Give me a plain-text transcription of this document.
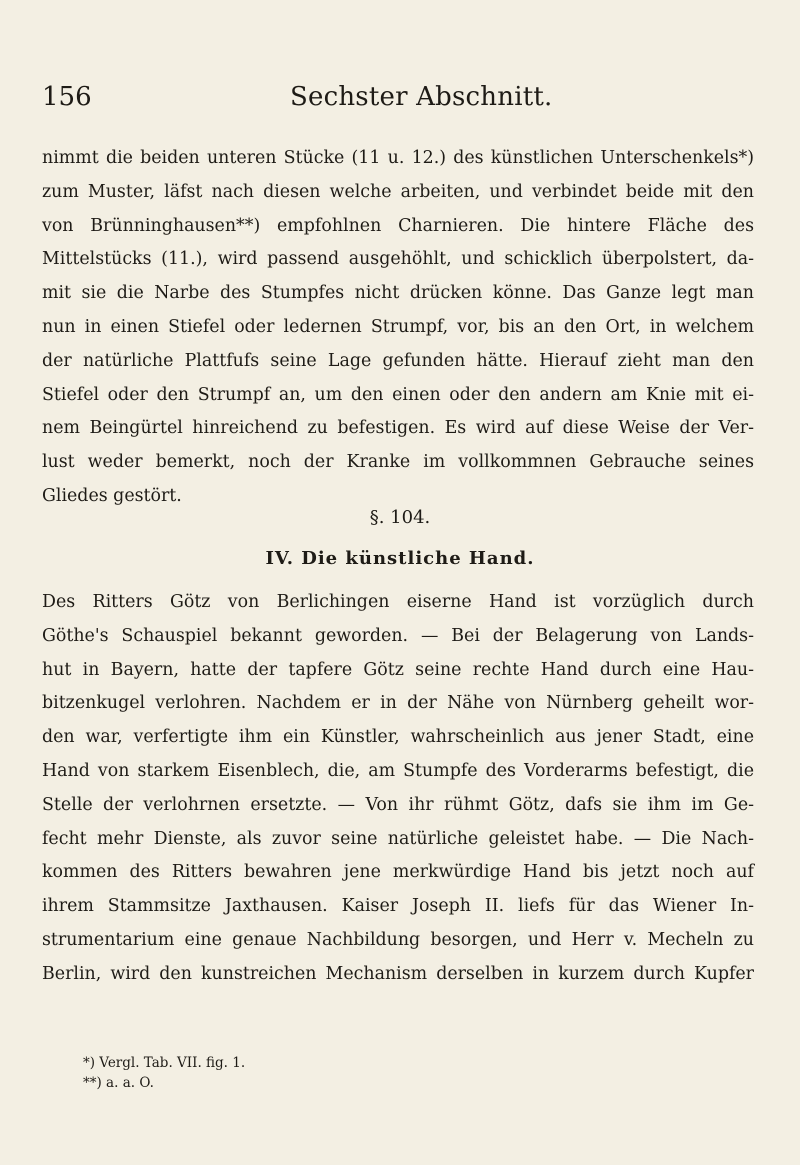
156	Sechster Abschnitt.
nimmt die beiden unteren Stücke (11 u. 12.) des künstlichen Unterschenkels*)
zum Muster, läfst nach diesen welche arbeiten, und verbindet beide mit den
von Brünninghausen**) empfohlnen Charnieren. Die hintere Fläche des
Mittelstücks (11.), wird passend ausgehöhlt, und schicklich überpolstert, da-
mit sie die Narbe des Stumpfes nicht drücken könne. Das Ganze legt man
nun in einen Stiefel oder ledernen Strumpf, vor, bis an den Ort, in welchem
der natürliche Plattfufs seine Lage gefunden hätte. Hierauf zieht man den
Stiefel oder den Strumpf an, um den einen oder den andern am Knie mit ei-
nem Beingürtel hinreichend zu befestigen. Es wird auf diese Weise der Ver-
lust weder bemerkt, noch der Kranke im vollkommnen Gebrauche seines
Gliedes gestört.
§. 104.
IV. Die künstliche Hand.
Des Ritters Götz von Berlichingen eiserne Hand ist vorzüglich durch
Göthe's Schauspiel bekannt geworden. — Bei der Belagerung von Lands-
hut in Bayern, hatte der tapfere Götz seine rechte Hand durch eine Hau-
bitzenkugel verlohren. Nachdem er in der Nähe von Nürnberg geheilt wor-
den war, verfertigte ihm ein Künstler, wahrscheinlich aus jener Stadt, eine
Hand von starkem Eisenblech, die, am Stumpfe des Vorderarms befestigt, die
Stelle der verlohrnen ersetzte. — Von ihr rühmt Götz, dafs sie ihm im Ge-
fecht mehr Dienste, als zuvor seine natürliche geleistet habe. — Die Nach-
kommen des Ritters bewahren jene merkwürdige Hand bis jetzt noch auf
ihrem Stammsitze Jaxthausen. Kaiser Joseph II. liefs für das Wiener In-
strumentarium eine genaue Nachbildung besorgen, und Herr v. Mecheln zu
Berlin, wird den kunstreichen Mechanism derselben in kurzem durch Kupfer
*) Vergl. Tab. VII. fig. 1.
**) a. a. O.
